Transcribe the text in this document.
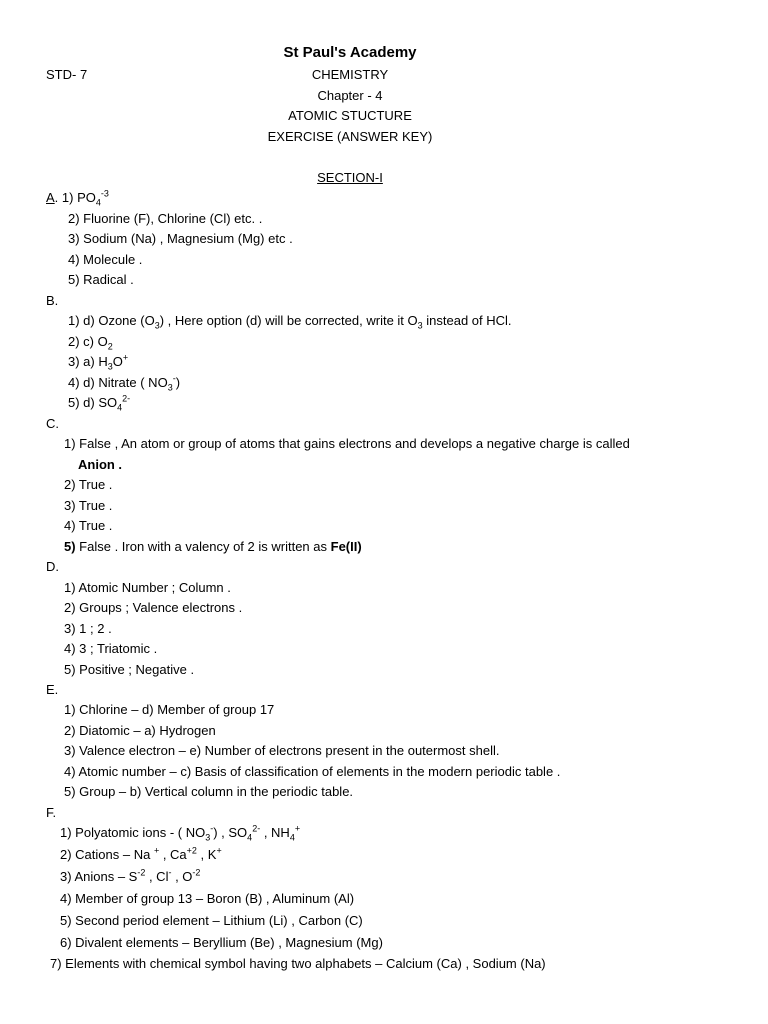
St Paul's Academy
STD- 7	CHEMISTRY
Chapter - 4
ATOMIC STUCTURE
EXERCISE (ANSWER KEY)
SECTION-I
A. 1) $PO_4^{-3}$
2) Fluorine (F), Chlorine (Cl) etc. .
3) Sodium (Na) , Magnesium (Mg) etc .
4) Molecule .
5) Radical .
B.
1) d) Ozone $(O_3)$ , Here option (d) will be corrected, write it $O_3$ instead of HCl.
2) c) $O_2$
3) a) $H_3O^+$
4) d) Nitrate ( $NO_3^-$)
5) d) $SO_4^{2-}$
C.
1) False , An atom or group of atoms that gains electrons and develops a negative charge is called
Anion .
2) True .
3) True .
4) True .
5) False . Iron with a valency of 2 is written as Fe(II)
D.
1) Atomic Number ; Column .
2) Groups ; Valence electrons .
3) 1 ; 2 .
4) 3 ; Triatomic .
5) Positive ; Negative .
E.
1) Chlorine – d) Member of group 17
2) Diatomic – a) Hydrogen
3) Valence electron – e) Number of electrons present in the outermost shell.
4) Atomic number – c) Basis of classification of elements in the modern periodic table .
5) Group – b) Vertical column in the periodic table.
F.
1) Polyatomic ions - ( $NO_3^-$) , $SO_4^{2-}$ , $NH_4^+$
2) Cations – Na + , $Ca^{+2}$ , K+
3) Anions – $S^{-2}$ , Cl- , $O^{-2}$
4) Member of group 13 – Boron (B) , Aluminum (Al)
5) Second period element – Lithium (Li) , Carbon (C)
6) Divalent elements – Beryllium (Be) , Magnesium (Mg)
7) Elements with chemical symbol having two alphabets – Calcium (Ca) , Sodium (Na)
